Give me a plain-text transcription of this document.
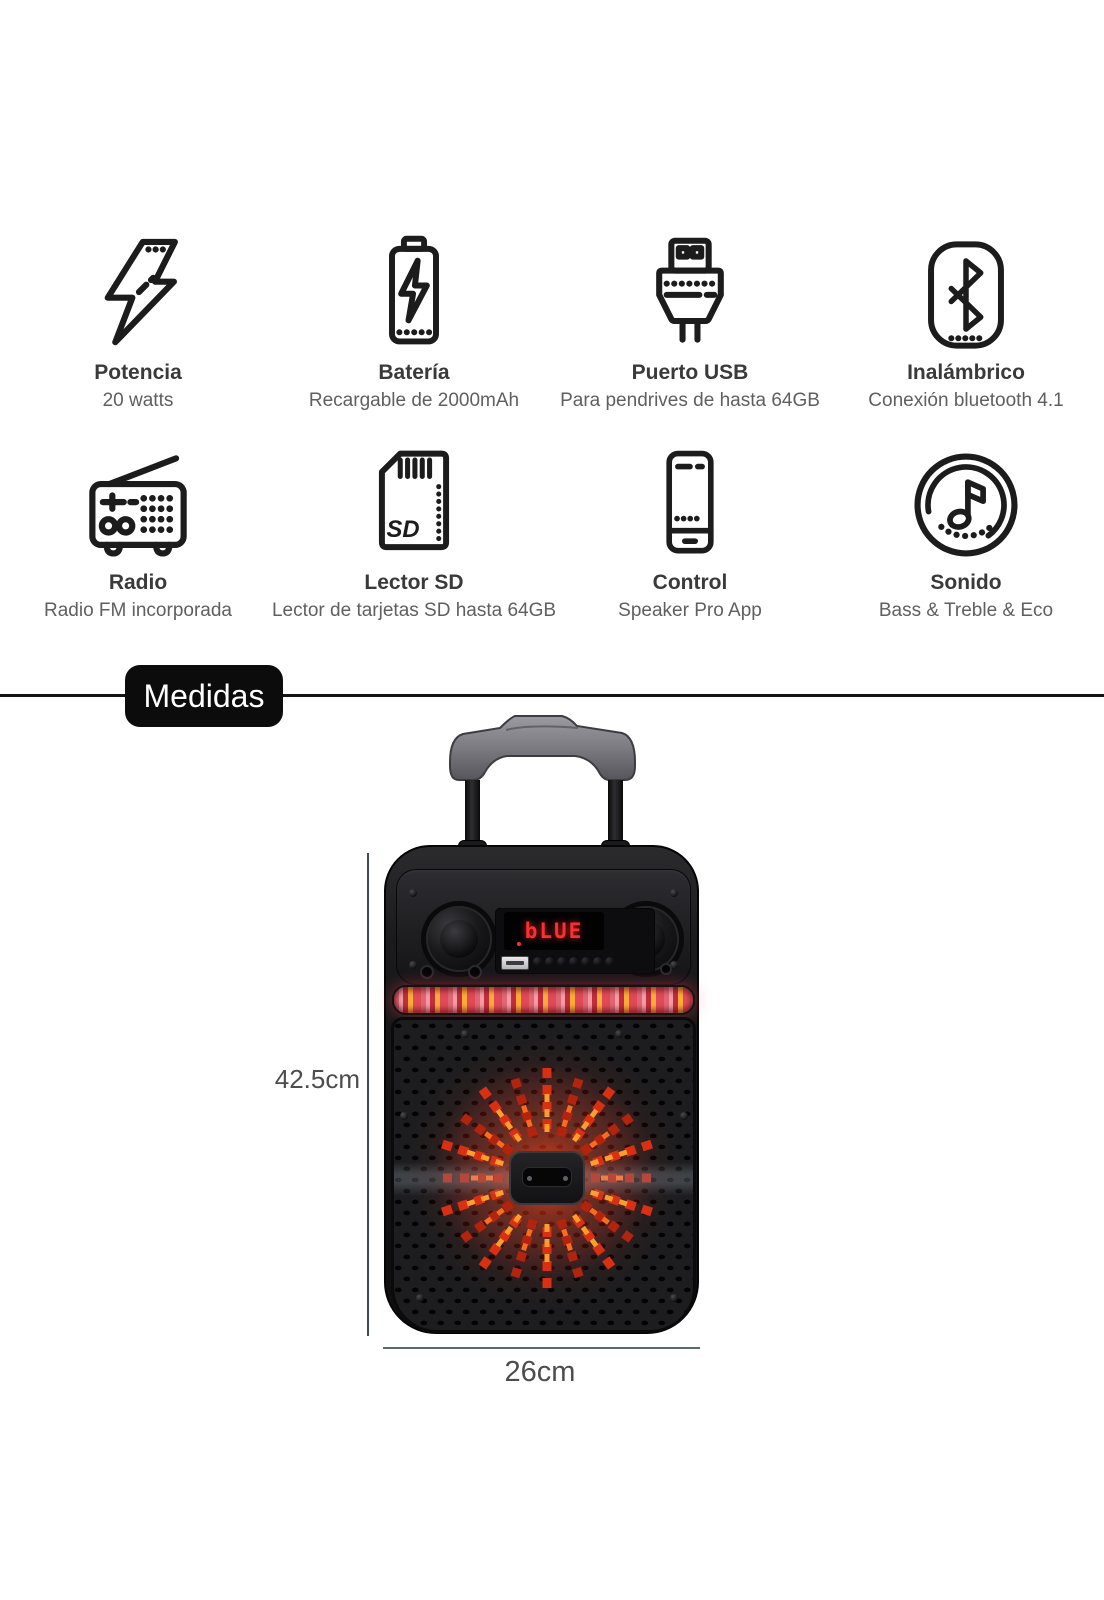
Potencia
20 watts
Batería
Recargable de 2000mAh
Puerto USB
Para pendrives de hasta 64GB
Inalámbrico
Conexión bluetooth 4.1
Radio
Radio FM incorporada
SD
Lector SD
Lector de tarjetas SD hasta 64GB
Control
Speaker Pro App
Sonido
Bass & Treble & Eco
Medidas
bLUE
42.5cm
26cm
